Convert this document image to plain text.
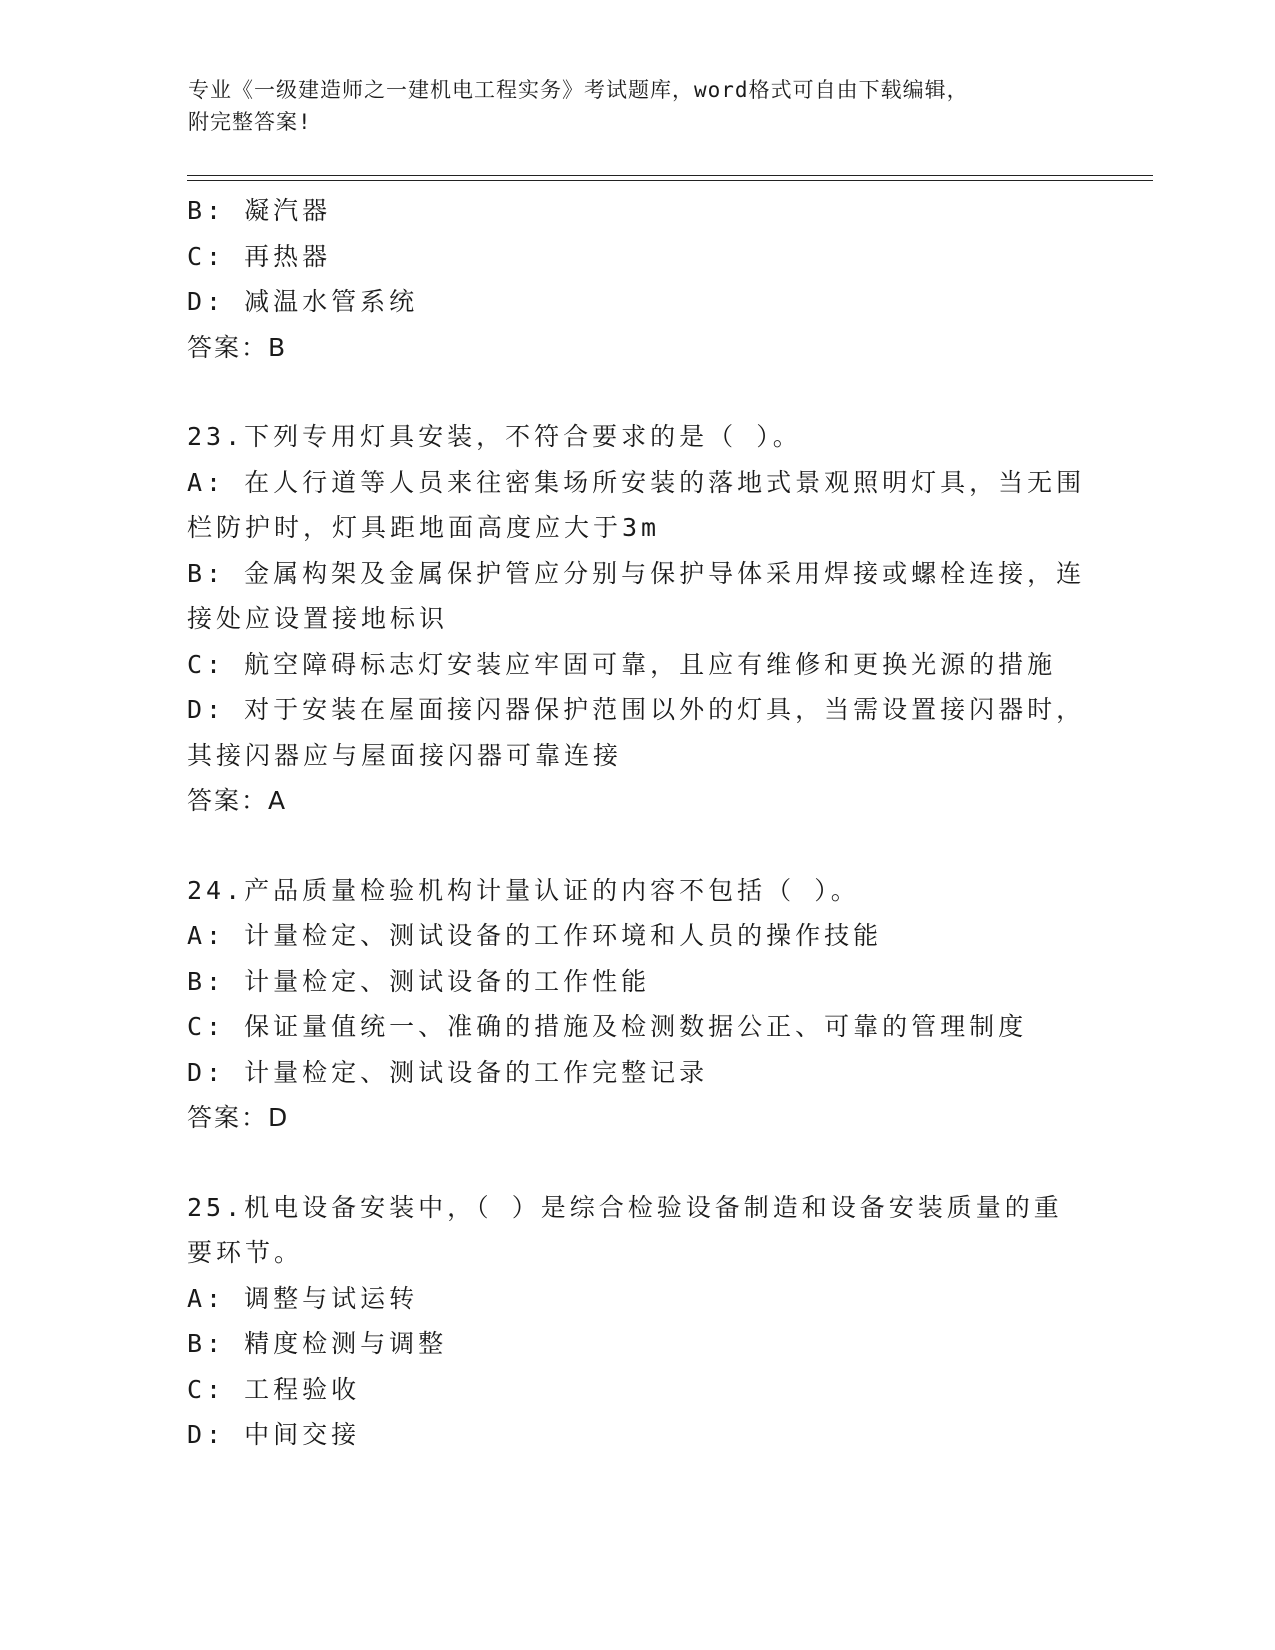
专业《一级建造师之一建机电工程实务》考试题库，word格式可自由下载编辑，
附完整答案!
B: 凝汽器
C: 再热器
D: 减温水管系统
答案：B
23.下列专用灯具安装，不符合要求的是（ ）。
A: 在人行道等人员来往密集场所安装的落地式景观照明灯具，当无围
栏防护时，灯具距地面高度应大于3m
B: 金属构架及金属保护管应分别与保护导体采用焊接或螺栓连接，连
接处应设置接地标识
C: 航空障碍标志灯安装应牢固可靠，且应有维修和更换光源的措施
D: 对于安装在屋面接闪器保护范围以外的灯具，当需设置接闪器时，
其接闪器应与屋面接闪器可靠连接
答案：A
24.产品质量检验机构计量认证的内容不包括（ ）。
A: 计量检定、测试设备的工作环境和人员的操作技能
B: 计量检定、测试设备的工作性能
C: 保证量值统一、准确的措施及检测数据公正、可靠的管理制度
D: 计量检定、测试设备的工作完整记录
答案：D
25.机电设备安装中，（ ）是综合检验设备制造和设备安装质量的重
要环节。
A: 调整与试运转
B: 精度检测与调整
C: 工程验收
D: 中间交接
